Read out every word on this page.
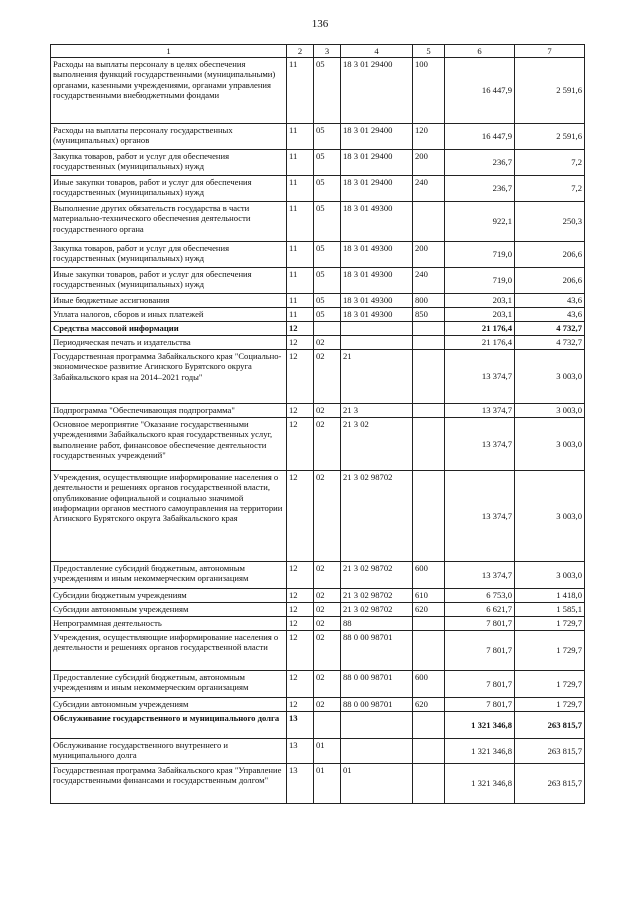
136
1	2	3	4	5	6	7
Расходы на выплаты персоналу в целях обеспечения выполнения функций государственными (муниципальными) органами, казенными учреждениями, органами управления государственными внебюджетными фондами	11	05	18 3 01 29400	100	16 447,9	2 591,6
Расходы на выплаты персоналу государственных (муниципальных) органов	11	05	18 3 01 29400	120	16 447,9	2 591,6
Закупка товаров, работ и услуг для обеспечения государственных (муниципальных) нужд	11	05	18 3 01 29400	200	236,7	7,2
Иные закупки товаров, работ и услуг для обеспечения государственных (муниципальных) нужд	11	05	18 3 01 29400	240	236,7	7,2
Выполнение других обязательств государства в части материально-технического обеспечения деятельности государственного органа	11	05	18 3 01 49300		922,1	250,3
Закупка товаров, работ и услуг для обеспечения государственных (муниципальных) нужд	11	05	18 3 01 49300	200	719,0	206,6
Иные закупки товаров, работ и услуг для обеспечения государственных (муниципальных) нужд	11	05	18 3 01 49300	240	719,0	206,6
Иные бюджетные ассигнования	11	05	18 3 01 49300	800	203,1	43,6
Уплата налогов, сборов и иных платежей	11	05	18 3 01 49300	850	203,1	43,6
Средства массовой информации	12				21 176,4	4 732,7
Периодическая печать и издательства	12	02			21 176,4	4 732,7
Государственная программа Забайкальского края "Социально-экономическое развитие Агинского Бурятского округа Забайкальского края на 2014–2021 годы"	12	02	21		13 374,7	3 003,0
Подпрограмма "Обеспечивающая подпрограмма"	12	02	21 3		13 374,7	3 003,0
Основное мероприятие "Оказание государственными учреждениями Забайкальского края государственных услуг, выполнение работ, финансовое обеспечение деятельности государственных учреждений"	12	02	21 3 02		13 374,7	3 003,0
Учреждения, осуществляющие информирование населения о деятельности и решениях органов государственной власти, опубликование официальной и социально значимой информации органов местного самоуправления на территории Агинского Бурятского округа Забайкальского края	12	02	21 3 02 98702		13 374,7	3 003,0
Предоставление субсидий бюджетным, автономным учреждениям и иным некоммерческим организациям	12	02	21 3 02 98702	600	13 374,7	3 003,0
Субсидии бюджетным учреждениям	12	02	21 3 02 98702	610	6 753,0	1 418,0
Субсидии автономным учреждениям	12	02	21 3 02 98702	620	6 621,7	1 585,1
Непрограммная деятельность	12	02	88		7 801,7	1 729,7
Учреждения, осуществляющие информирование населения о деятельности и решениях органов государственной власти	12	02	88 0 00 98701		7 801,7	1 729,7
Предоставление субсидий бюджетным, автономным учреждениям и иным некоммерческим организациям	12	02	88 0 00 98701	600	7 801,7	1 729,7
Субсидии автономным учреждениям	12	02	88 0 00 98701	620	7 801,7	1 729,7
Обслуживание государственного и муниципального долга	13				1 321 346,8	263 815,7
Обслуживание государственного внутреннего и муниципального долга	13	01			1 321 346,8	263 815,7
Государственная программа Забайкальского края "Управление государственными финансами и государственным долгом"	13	01	01		1 321 346,8	263 815,7
